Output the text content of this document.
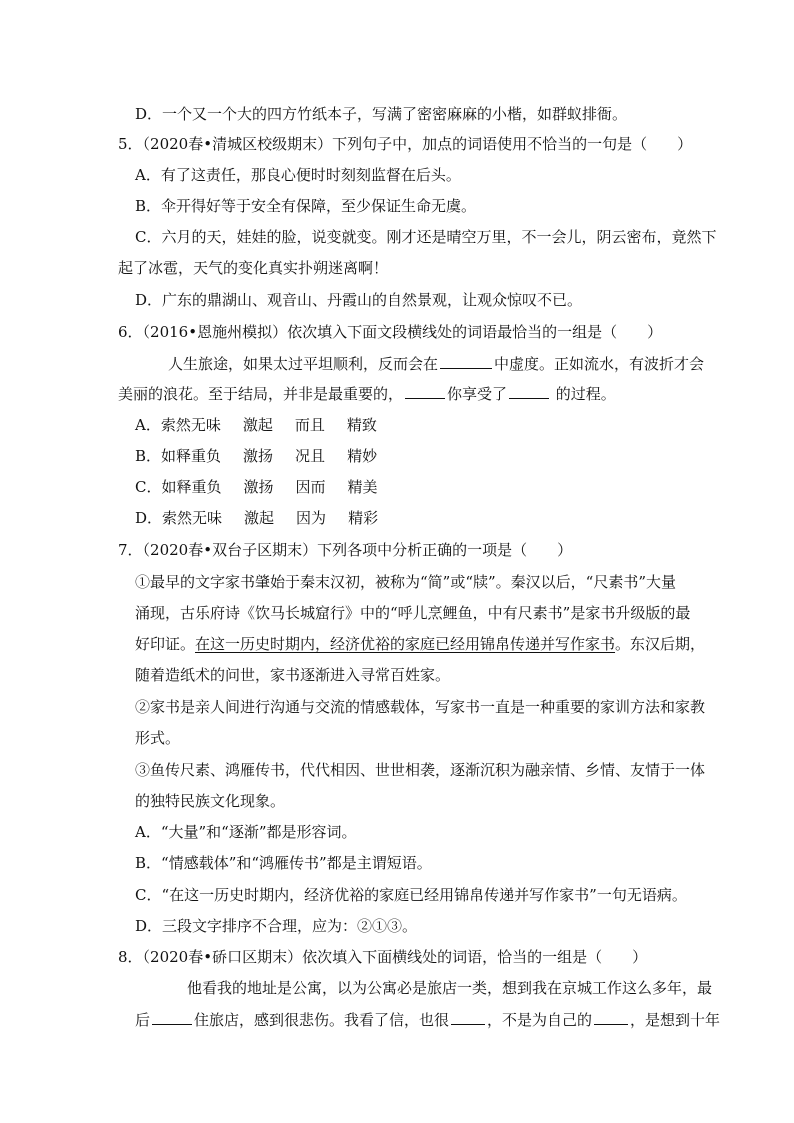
D．一个又一个大的四方竹纸本子，写满了密密麻麻的小楷，如群蚁排衙。
5．（2020春•清城区校级期末）下列句子中，加点的词语使用不恰当的一句是（　　）
A．有了这责任，那良心便时时刻刻监督在后头。
B．伞开得好等于安全有保障，至少保证生命无虞。
C．六月的天，娃娃的脸，说变就变。刚才还是晴空万里，不一会儿，阴云密布，竟然下
起了冰雹，天气的变化真实扑朔迷离啊！
D．广东的鼎湖山、观音山、丹霞山的自然景观，让观众惊叹不已。
6．（2016•恩施州模拟）依次填入下面文段横线处的词语最恰当的一组是（　　）
人生旅途，如果太过平坦顺利，反而会在	中虚度。正如流水，有波折才会
美丽的浪花。至于结局，并非是最重要的，	你享受了	的过程。
A．索然无味 激起 而且 精致
B．如释重负 激扬 况且 精妙
C．如释重负 激扬 因而 精美
D．索然无味 激起 因为 精彩
7．（2020春•双台子区期末）下列各项中分析正确的一项是（　　）
①最早的文字家书肇始于秦末汉初，被称为“简”或“牍”。秦汉以后，“尺素书”大量
涌现，古乐府诗《饮马长城窟行》中的“呼儿烹鲤鱼，中有尺素书”是家书升级版的最
好印证。在这一历史时期内，经济优裕的家庭已经用锦帛传递并写作家书。东汉后期，
随着造纸术的问世，家书逐渐进入寻常百姓家。
②家书是亲人间进行沟通与交流的情感载体，写家书一直是一种重要的家训方法和家教
形式。
③鱼传尺素、鸿雁传书，代代相因、世世相袭，逐渐沉积为融亲情、乡情、友情于一体
的独特民族文化现象。
A．“大量”和“逐渐”都是形容词。
B．“情感载体”和“鸿雁传书”都是主谓短语。
C．“在这一历史时期内，经济优裕的家庭已经用锦帛传递并写作家书”一句无语病。
D．三段文字排序不合理，应为：②①③。
8．（2020春•硚口区期末）依次填入下面横线处的词语，恰当的一组是（　　）
他看我的地址是公寓，以为公寓必是旅店一类，想到我在京城工作这么多年，最
后	住旅店，感到很悲伤。我看了信，也很	，不是为自己的	，是想到十年
